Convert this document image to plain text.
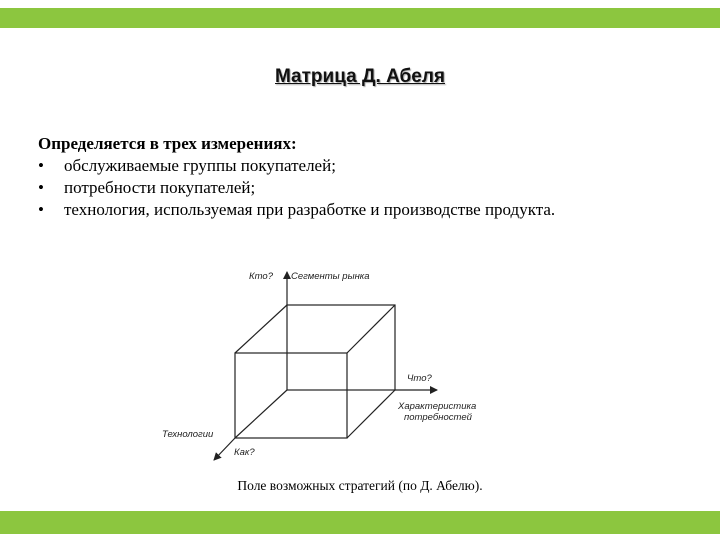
Матрица Д. Абеля
Определяется в трех измерениях:
• обслуживаемые группы покупателей;
• потребности покупателей;
• технология, используемая при разработке и производстве продукта.
Кто? Сегменты рынка
Что?
Характеристика
потребностей
Технологии
Как?
Поле возможных стратегий (по Д. Абелю).
